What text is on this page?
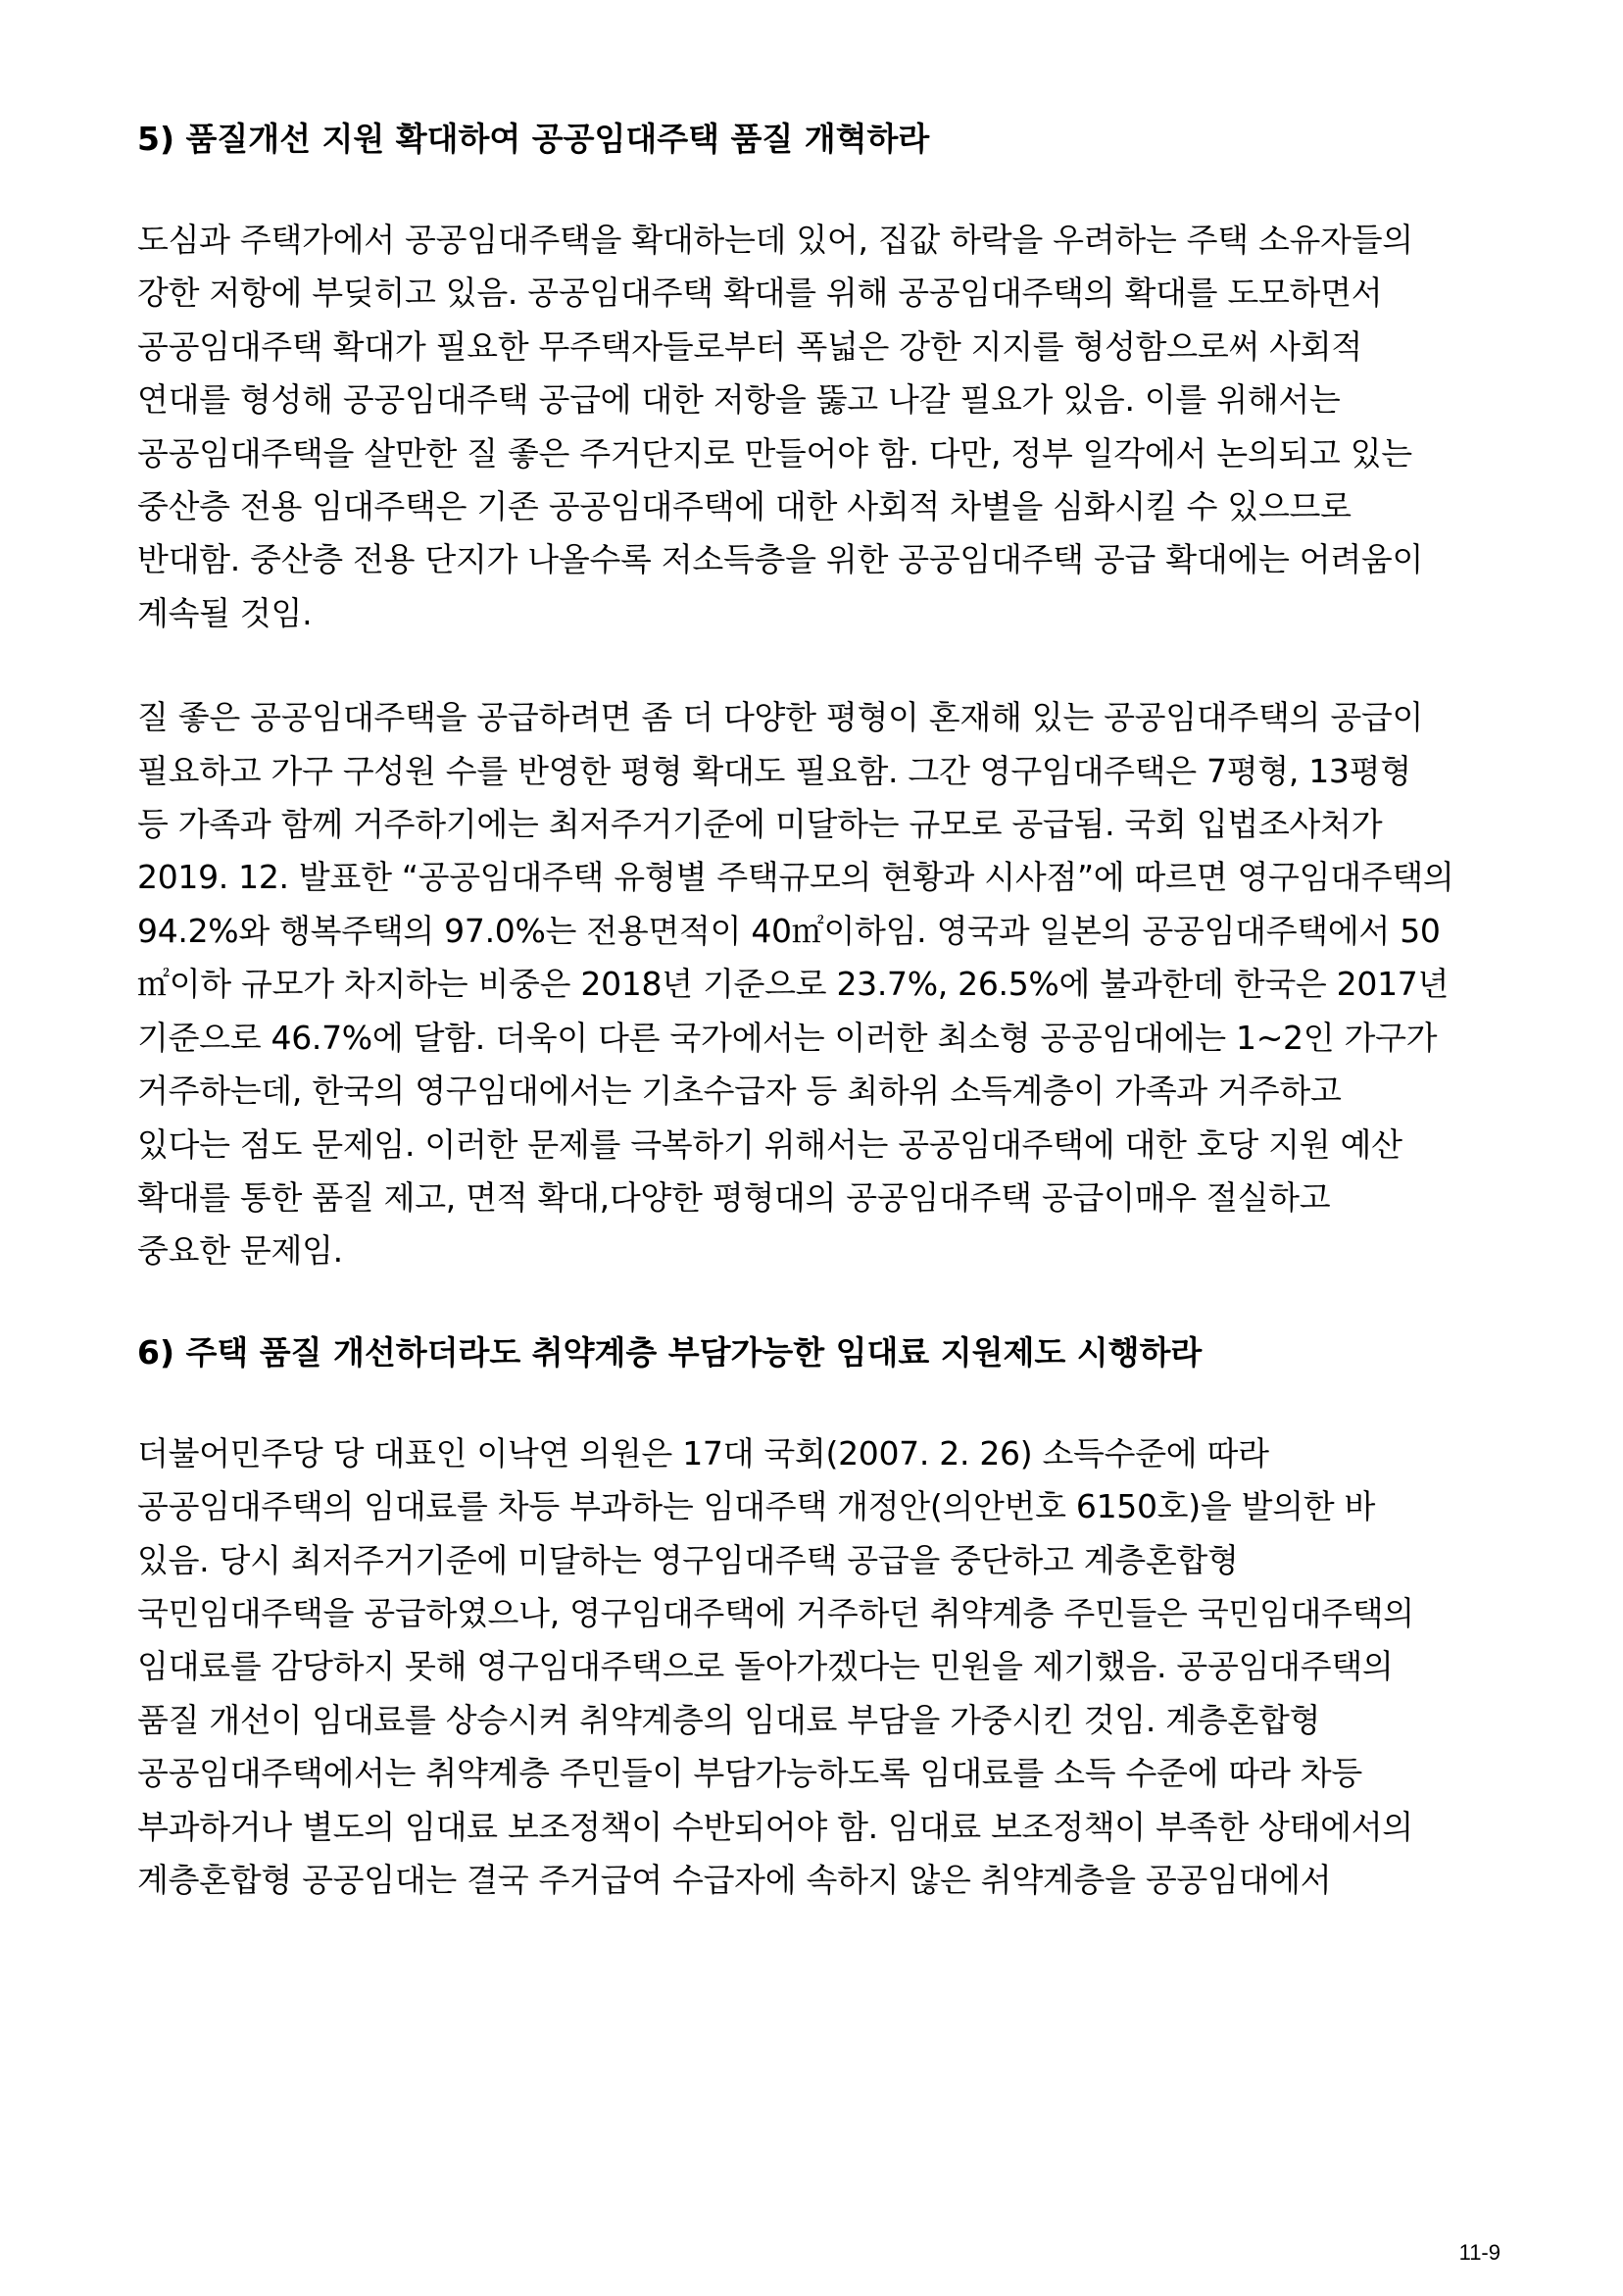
5) 품질개선 지원 확대하여 공공임대주택 품질 개혁하라
도심과 주택가에서 공공임대주택을 확대하는데 있어, 집값 하락을 우려하는 주택 소유자들의
강한 저항에 부딪히고 있음. 공공임대주택 확대를 위해 공공임대주택의 확대를 도모하면서
공공임대주택 확대가 필요한 무주택자들로부터 폭넓은 강한 지지를 형성함으로써 사회적
연대를 형성해 공공임대주택 공급에 대한 저항을 뚫고 나갈 필요가 있음. 이를 위해서는
공공임대주택을 살만한 질 좋은 주거단지로 만들어야 함. 다만, 정부 일각에서 논의되고 있는
중산층 전용 임대주택은 기존 공공임대주택에 대한 사회적 차별을 심화시킬 수 있으므로
반대함. 중산층 전용 단지가 나올수록 저소득층을 위한 공공임대주택 공급 확대에는 어려움이
계속될 것임.
질 좋은 공공임대주택을 공급하려면 좀 더 다양한 평형이 혼재해 있는 공공임대주택의 공급이
필요하고 가구 구성원 수를 반영한 평형 확대도 필요함. 그간 영구임대주택은 7평형, 13평형
등 가족과 함께 거주하기에는 최저주거기준에 미달하는 규모로 공급됨. 국회 입법조사처가
2019. 12. 발표한 “공공임대주택 유형별 주택규모의 현황과 시사점”에 따르면 영구임대주택의
94.2%와 행복주택의 97.0%는 전용면적이 40㎡이하임. 영국과 일본의 공공임대주택에서 50
㎡이하 규모가 차지하는 비중은 2018년 기준으로 23.7%, 26.5%에 불과한데 한국은 2017년
기준으로 46.7%에 달함. 더욱이 다른 국가에서는 이러한 최소형 공공임대에는 1~2인 가구가
거주하는데, 한국의 영구임대에서는 기초수급자 등 최하위 소득계층이 가족과 거주하고
있다는 점도 문제임. 이러한 문제를 극복하기 위해서는 공공임대주택에 대한 호당 지원 예산
확대를 통한 품질 제고, 면적 확대,다양한 평형대의 공공임대주택 공급이매우 절실하고
중요한 문제임.
6) 주택 품질 개선하더라도 취약계층 부담가능한 임대료 지원제도 시행하라
더불어민주당 당 대표인 이낙연 의원은 17대 국회(2007. 2. 26) 소득수준에 따라
공공임대주택의 임대료를 차등 부과하는 임대주택 개정안(의안번호 6150호)을 발의한 바
있음. 당시 최저주거기준에 미달하는 영구임대주택 공급을 중단하고 계층혼합형
국민임대주택을 공급하였으나, 영구임대주택에 거주하던 취약계층 주민들은 국민임대주택의
임대료를 감당하지 못해 영구임대주택으로 돌아가겠다는 민원을 제기했음. 공공임대주택의
품질 개선이 임대료를 상승시켜 취약계층의 임대료 부담을 가중시킨 것임. 계층혼합형
공공임대주택에서는 취약계층 주민들이 부담가능하도록 임대료를 소득 수준에 따라 차등
부과하거나 별도의 임대료 보조정책이 수반되어야 함. 임대료 보조정책이 부족한 상태에서의
계층혼합형 공공임대는 결국 주거급여 수급자에 속하지 않은 취약계층을 공공임대에서
11-9
